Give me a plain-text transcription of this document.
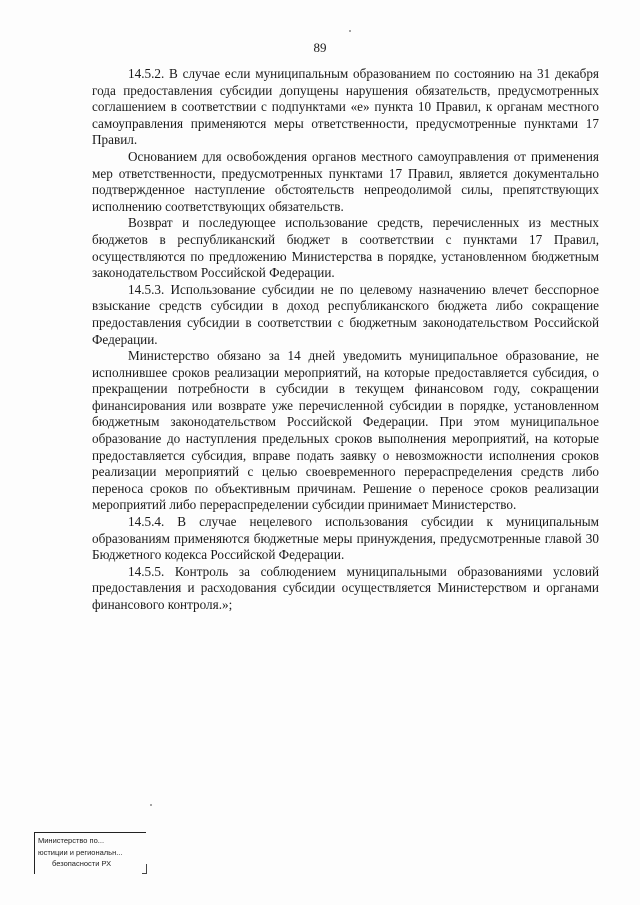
89

14.5.2. В случае если муниципальным образованием по состоянию на 31 декабря года предоставления субсидии допущены нарушения обязательств, предусмотренных соглашением в соответствии с подпунктами «е» пункта 10 Правил, к органам местного самоуправления применяются меры ответственности, предусмотренные пунктами 17 Правил.

Основанием для освобождения органов местного самоуправления от применения мер ответственности, предусмотренных пунктами 17 Правил, является документально подтвержденное наступление обстоятельств непреодолимой силы, препятствующих исполнению соответствующих обязательств.

Возврат и последующее использование средств, перечисленных из местных бюджетов в республиканский бюджет в соответствии с пунктами 17 Правил, осуществляются по предложению Министерства в порядке, установленном бюджетным законодательством Российской Федерации.

14.5.3. Использование субсидии не по целевому назначению влечет бесспорное взыскание средств субсидии в доход республиканского бюджета либо сокращение предоставления субсидии в соответствии с бюджетным законодательством Российской Федерации.

Министерство обязано за 14 дней уведомить муниципальное образование, не исполнившее сроков реализации мероприятий, на которые предоставляется субсидия, о прекращении потребности в субсидии в текущем финансовом году, сокращении финансирования или возврате уже перечисленной субсидии в порядке, установленном бюджетным законодательством Российской Федерации. При этом муниципальное образование до наступления предельных сроков выполнения мероприятий, на которые предоставляется субсидия, вправе подать заявку о невозможности исполнения сроков реализации мероприятий с целью своевременного перераспределения средств либо переноса сроков по объективным причинам. Решение о переносе сроков реализации мероприятий либо перераспределении субсидии принимает Министерство.

14.5.4. В случае нецелевого использования субсидии к муниципальным образованиям применяются бюджетные меры принуждения, предусмотренные главой 30 Бюджетного кодекса Российской Федерации.

14.5.5. Контроль за соблюдением муниципальными образованиями условий предоставления и расходования субсидии осуществляется Министерством и органами финансового контроля.»;

Министерство по...
юстиции и региональн...
безопасности РХ
